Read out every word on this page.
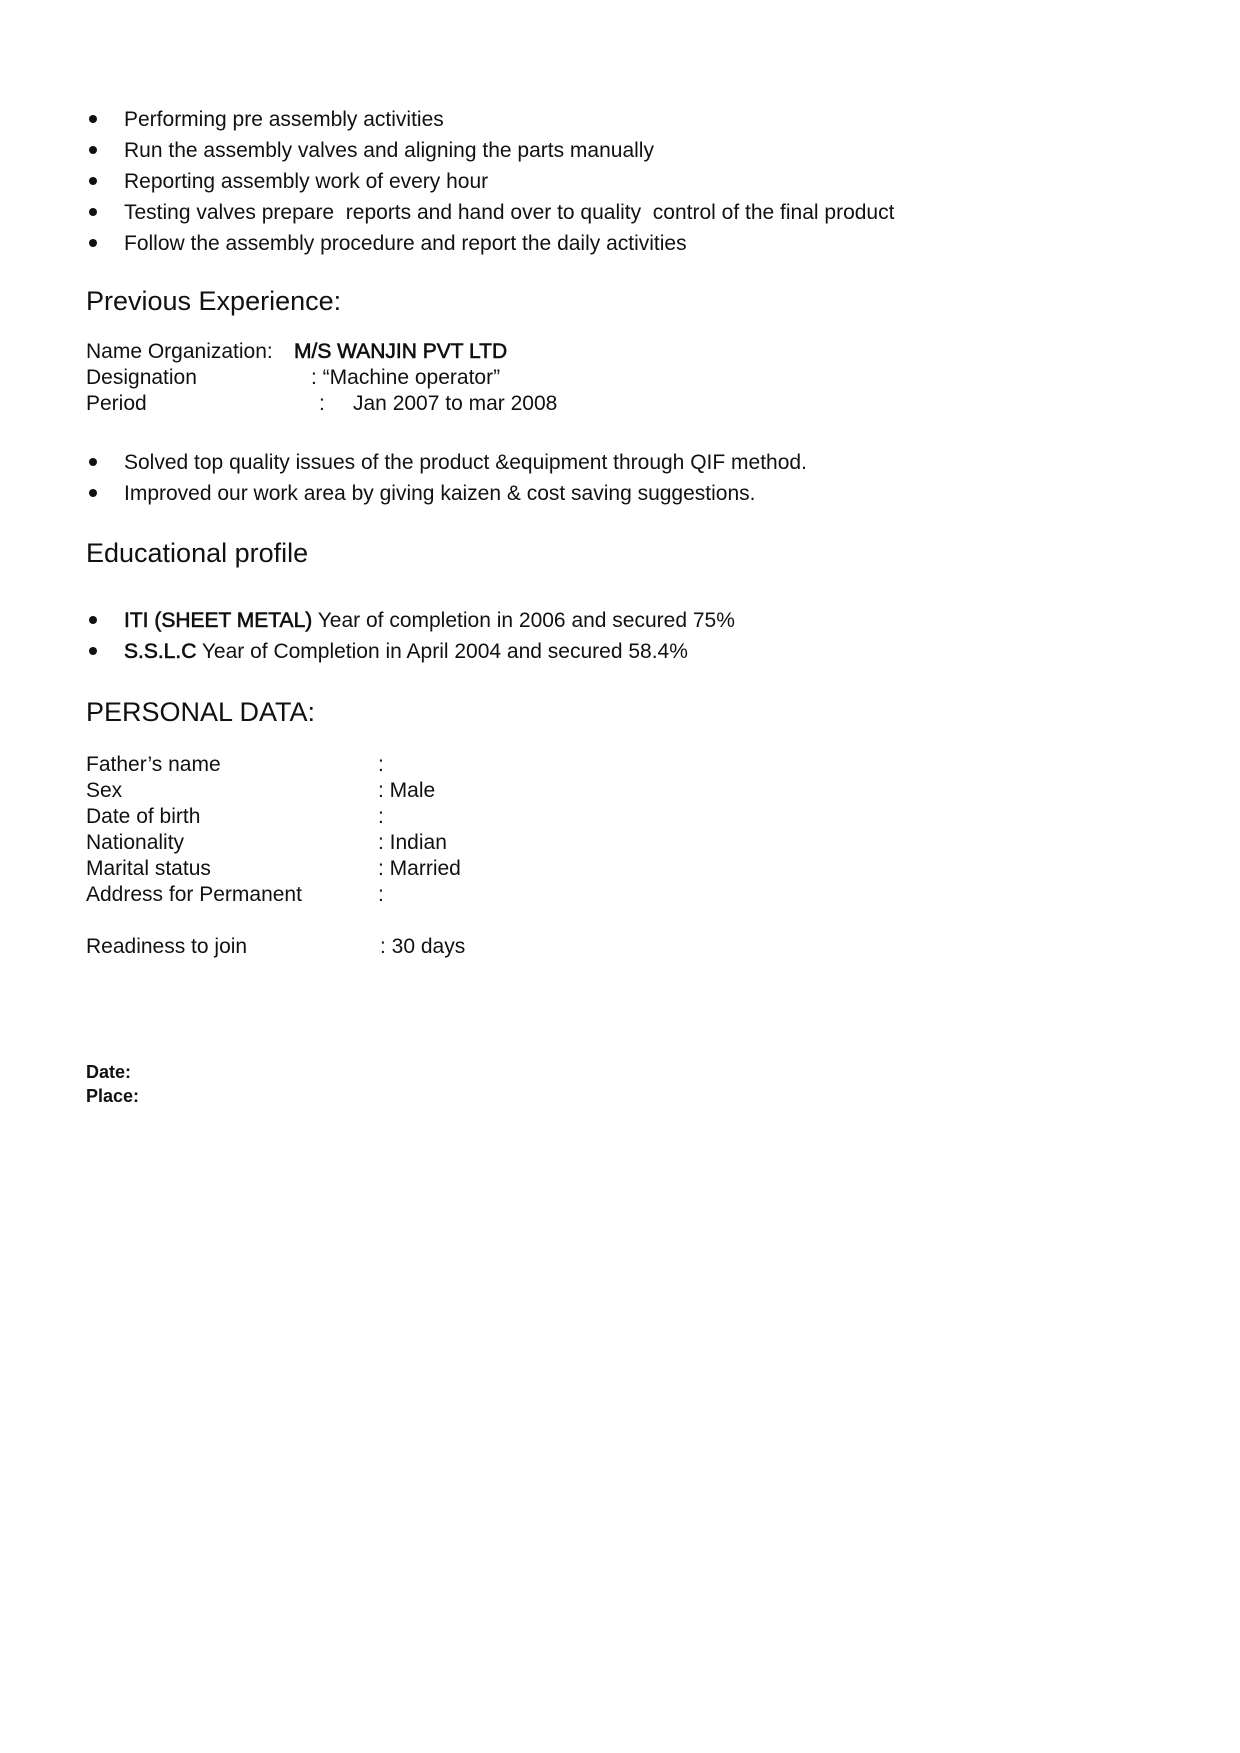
Performing pre assembly activities
Run the assembly valves and aligning the parts manually
Reporting assembly work of every hour
Testing valves prepare  reports and hand over to quality  control of the final product
Follow the assembly procedure and report the daily activities
Previous Experience:
Name Organization: M/S WANJIN PVT LTD
Designation	: “Machine operator”
Period	: Jan 2007 to mar 2008
Solved top quality issues of the product &equipment through QIF method.
Improved our work area by giving kaizen & cost saving suggestions.
Educational profile
ITI (SHEET METAL) Year of completion in 2006 and secured 75%
S.S.L.C Year of Completion in April 2004 and secured 58.4%
PERSONAL DATA:
Father’s name	:
Sex	: Male
Date of birth	:
Nationality	: Indian
Marital status	: Married
Address for Permanent	:
Readiness to join	: 30 days
Date:
Place:
